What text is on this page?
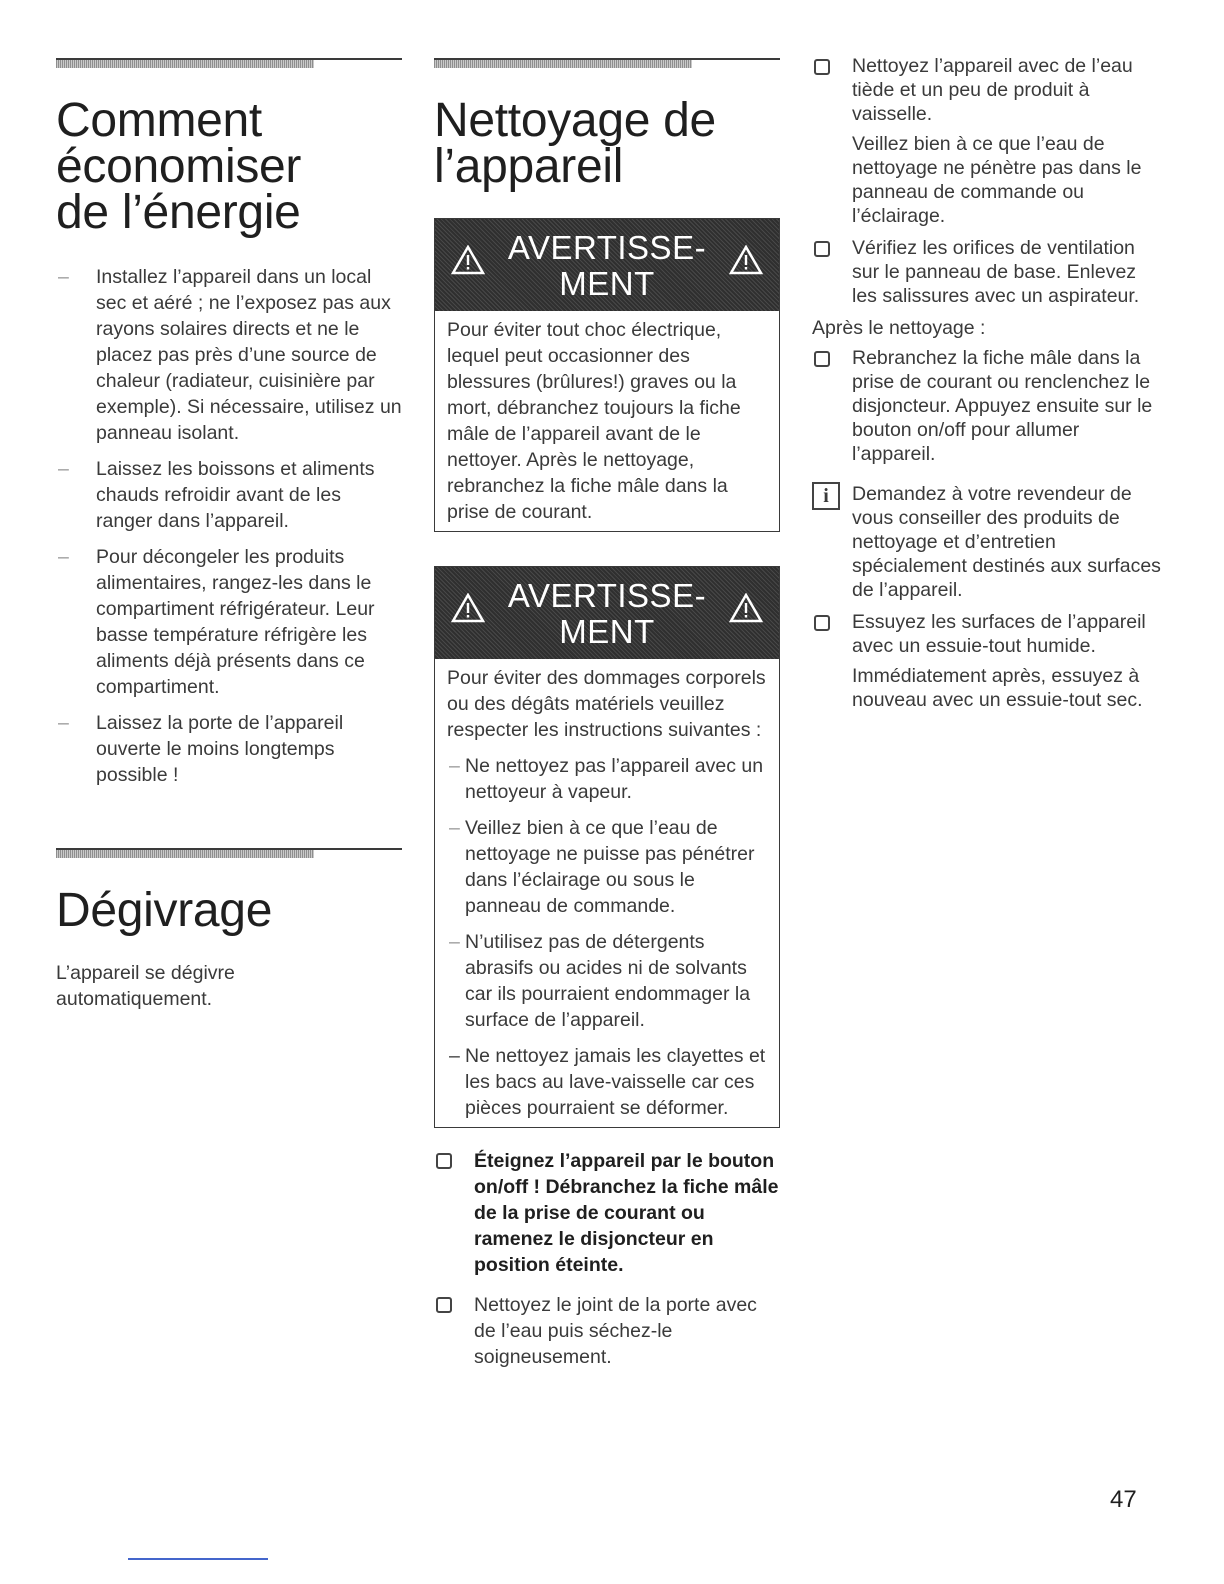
Comment
économiser
de l’énergie
– Installez l’appareil dans un local sec et aéré ; ne l’exposez pas aux rayons solaires directs et ne le placez pas près d’une source de chaleur (radiateur, cuisinière par exemple). Si nécessaire, utilisez un panneau isolant.
– Laissez les boissons et aliments chauds refroidir avant de les ranger dans l’appareil.
– Pour décongeler les produits alimentaires, rangez-les dans le compartiment réfrigérateur. Leur basse température réfrigère les aliments déjà présents dans ce compartiment.
– Laissez la porte de l’appareil ouverte le moins longtemps possible !
Dégivrage

L’appareil se dégivre automatiquement.

Nettoyage de
l’appareil
AVERTISSE-
MENT
Pour éviter tout choc électrique, lequel peut occasionner des blessures (brûlures!) graves ou la mort, débranchez toujours la fiche mâle de l’appareil avant de le nettoyer. Après le nettoyage, rebranchez la fiche mâle dans la prise de courant.
AVERTISSE-
MENT
Pour éviter des dommages corporels ou des dégâts matériels veuillez respecter les instructions suivantes :
– Ne nettoyez pas l’appareil avec un nettoyeur à vapeur.
– Veillez bien à ce que l’eau de nettoyage ne puisse pas pénétrer dans l’éclairage ou sous le panneau de commande.
– N’utilisez pas de détergents abrasifs ou acides ni de solvants car ils pourraient endommager la surface de l’appareil.
– Ne nettoyez jamais les clayettes et les bacs au lave-vaisselle car ces pièces pourraient se déformer.
Éteignez l’appareil par le bouton on/off ! Débranchez la fiche mâle de la prise de courant ou ramenez le disjoncteur en position éteinte.
Nettoyez le joint de la porte avec de l’eau puis séchez-le soigneusement.
Nettoyez l’appareil avec de l’eau tiède et un peu de produit à vaisselle.
Veillez bien à ce que l’eau de nettoyage ne pénètre pas dans le panneau de commande ou l’éclairage.
Vérifiez les orifices de ventilation sur le panneau de base. Enlevez les salissures avec un aspirateur.

Après le nettoyage :

Rebranchez la fiche mâle dans la prise de courant ou renclenchez le disjoncteur. Appuyez ensuite sur le bouton on/off pour allumer l’appareil.
i	Demandez à votre revendeur de vous conseiller des produits de nettoyage et d’entretien spécialement destinés aux surfaces de l’appareil.
Essuyez les surfaces de l’appareil avec un essuie-tout humide.
Immédiatement après, essuyez à nouveau avec un essuie-tout sec.
47
